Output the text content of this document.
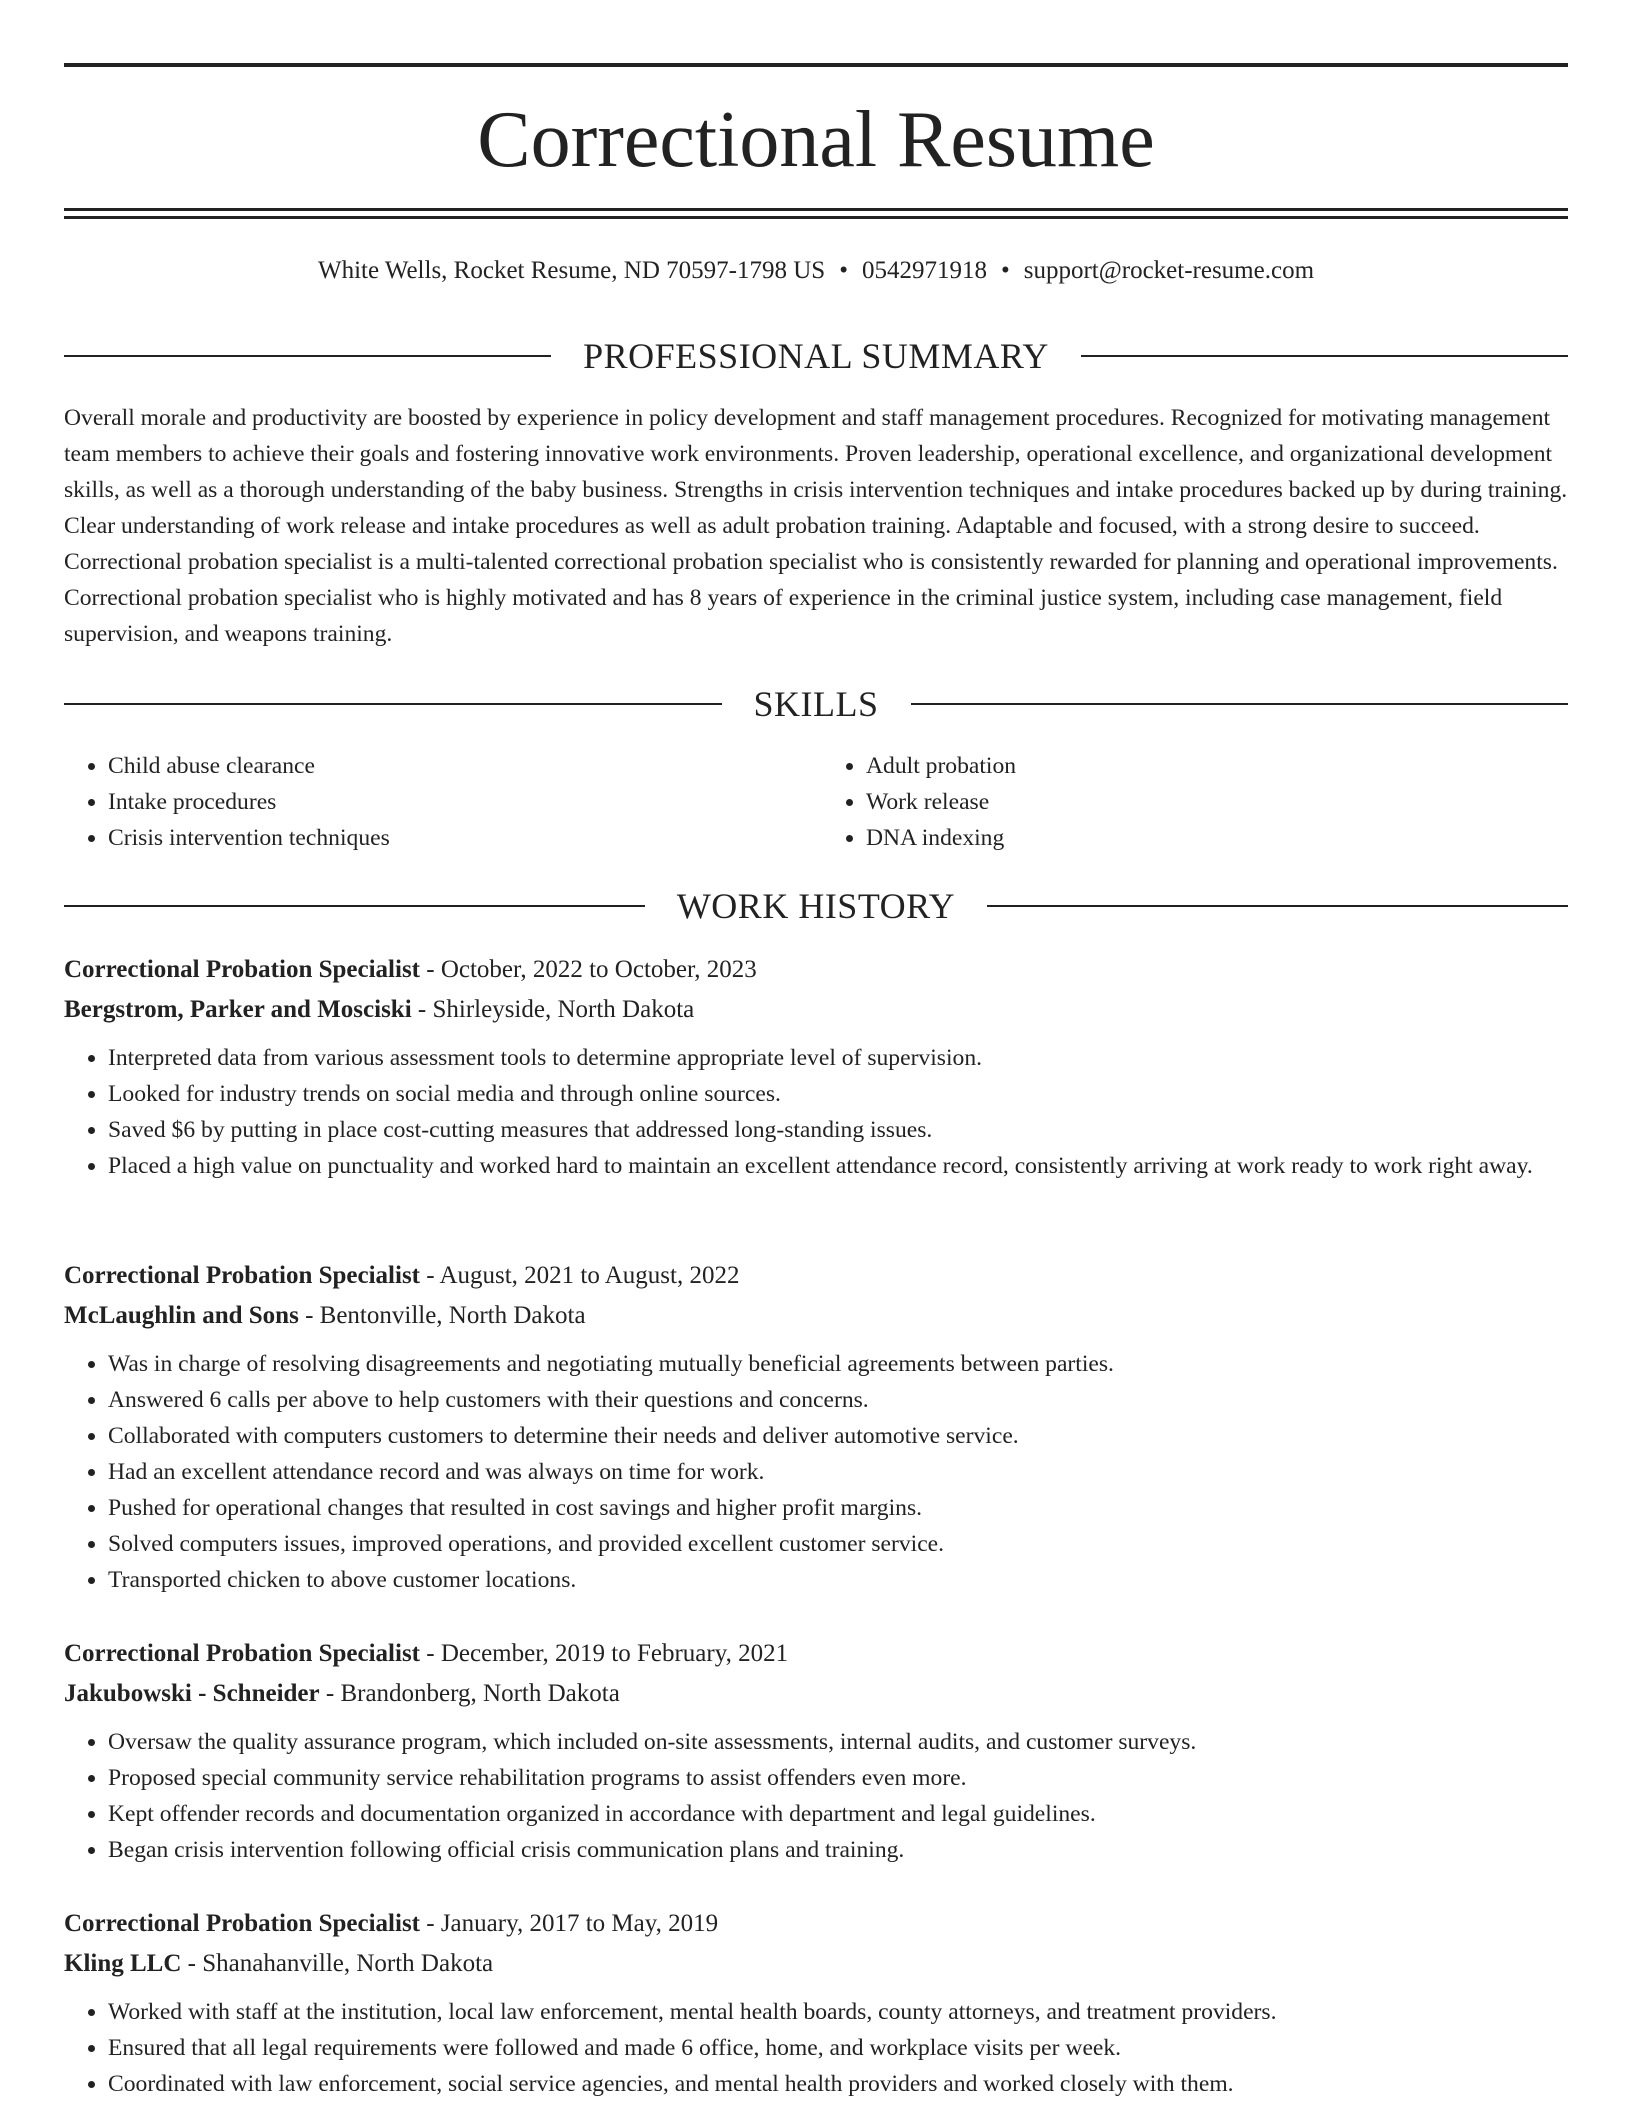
Correctional Resume
White Wells, Rocket Resume, ND 70597-1798 US • 0542971918 • support@rocket-resume.com
PROFESSIONAL SUMMARY

Overall morale and productivity are boosted by experience in policy development and staff management procedures. Recognized for motivating management team members to achieve their goals and fostering innovative work environments. Proven leadership, operational excellence, and organizational development skills, as well as a thorough understanding of the baby business. Strengths in crisis intervention techniques and intake procedures backed up by during training. Clear understanding of work release and intake procedures as well as adult probation training. Adaptable and focused, with a strong desire to succeed. Correctional probation specialist is a multi-talented correctional probation specialist who is consistently rewarded for planning and operational improvements. Correctional probation specialist who is highly motivated and has 8 years of experience in the criminal justice system, including case management, field supervision, and weapons training.

SKILLS
• Child abuse clearance
• Intake procedures
• Crisis intervention techniques
• Adult probation
• Work release
• DNA indexing
WORK HISTORY

Correctional Probation Specialist - October, 2022 to October, 2023

Bergstrom, Parker and Mosciski - Shirleyside, North Dakota

• Interpreted data from various assessment tools to determine appropriate level of supervision.
• Looked for industry trends on social media and through online sources.
• Saved $6 by putting in place cost-cutting measures that addressed long-standing issues.
• Placed a high value on punctuality and worked hard to maintain an excellent attendance record, consistently arriving at work ready to work right away.

Correctional Probation Specialist - August, 2021 to August, 2022

McLaughlin and Sons - Bentonville, North Dakota

• Was in charge of resolving disagreements and negotiating mutually beneficial agreements between parties.
• Answered 6 calls per above to help customers with their questions and concerns.
• Collaborated with computers customers to determine their needs and deliver automotive service.
• Had an excellent attendance record and was always on time for work.
• Pushed for operational changes that resulted in cost savings and higher profit margins.
• Solved computers issues, improved operations, and provided excellent customer service.
• Transported chicken to above customer locations.

Correctional Probation Specialist - December, 2019 to February, 2021

Jakubowski - Schneider - Brandonberg, North Dakota

• Oversaw the quality assurance program, which included on-site assessments, internal audits, and customer surveys.
• Proposed special community service rehabilitation programs to assist offenders even more.
• Kept offender records and documentation organized in accordance with department and legal guidelines.
• Began crisis intervention following official crisis communication plans and training.

Correctional Probation Specialist - January, 2017 to May, 2019

Kling LLC - Shanahanville, North Dakota

• Worked with staff at the institution, local law enforcement, mental health boards, county attorneys, and treatment providers.
• Ensured that all legal requirements were followed and made 6 office, home, and workplace visits per week.
• Coordinated with law enforcement, social service agencies, and mental health providers and worked closely with them.
